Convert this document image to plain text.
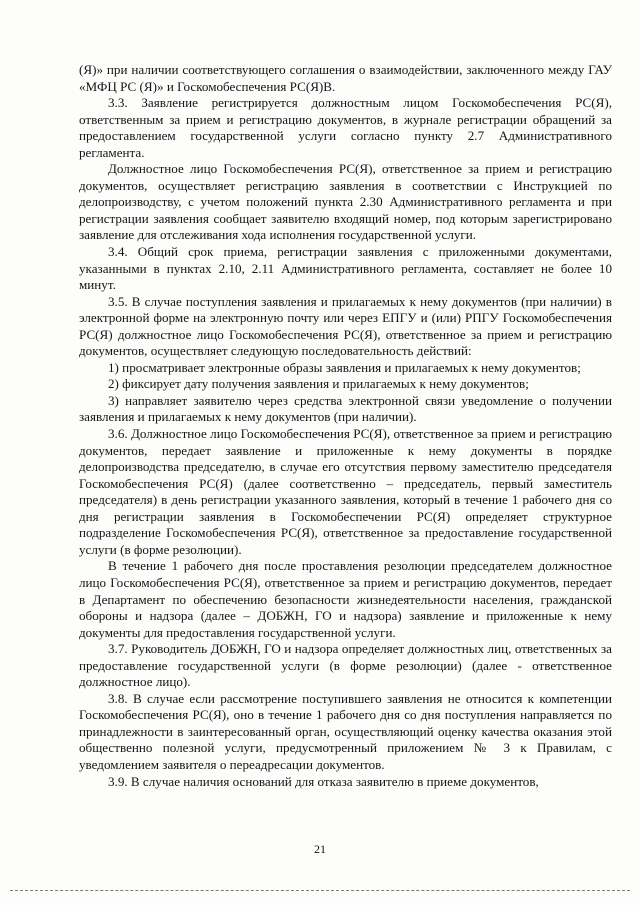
(Я)» при наличии соответствующего соглашения о взаимодействии, заключенного между ГАУ «МФЦ РС (Я)» и Госкомобеспечения РС(Я)В.

3.3. Заявление регистрируется должностным лицом Госкомобеспечения РС(Я), ответственным за прием и регистрацию документов, в журнале регистрации обращений за предоставлением государственной услуги согласно пункту 2.7 Административного регламента.

Должностное лицо Госкомобеспечения РС(Я), ответственное за прием и регистрацию документов, осуществляет регистрацию заявления в соответствии с Инструкцией по делопроизводству, с учетом положений пункта 2.30 Административного регламента и при регистрации заявления сообщает заявителю входящий номер, под которым зарегистрировано заявление для отслеживания хода исполнения государственной услуги.

3.4. Общий срок приема, регистрации заявления с приложенными документами, указанными в пунктах 2.10, 2.11 Административного регламента, составляет не более 10 минут.

3.5. В случае поступления заявления и прилагаемых к нему документов (при наличии) в электронной форме на электронную почту или через ЕПГУ и (или) РПГУ Госкомобеспечения РС(Я) должностное лицо Госкомобеспечения РС(Я), ответственное за прием и регистрацию документов, осуществляет следующую последовательность действий:

1) просматривает электронные образы заявления и прилагаемых к нему документов;

2) фиксирует дату получения заявления и прилагаемых к нему документов;

3) направляет заявителю через средства электронной связи уведомление о получении заявления и прилагаемых к нему документов (при наличии).

3.6. Должностное лицо Госкомобеспечения РС(Я), ответственное за прием и регистрацию документов, передает заявление и приложенные к нему документы в порядке делопроизводства председателю, в случае его отсутствия первому заместителю председателя Госкомобеспечения РС(Я) (далее соответственно – председатель, первый заместитель председателя) в день регистрации указанного заявления, который в течение 1 рабочего дня со дня регистрации заявления в Госкомобеспечении РС(Я) определяет структурное подразделение Госкомобеспечения РС(Я), ответственное за предоставление государственной услуги (в форме резолюции).

В течение 1 рабочего дня после проставления резолюции председателем должностное лицо Госкомобеспечения РС(Я), ответственное за прием и регистрацию документов, передает в Департамент по обеспечению безопасности жизнедеятельности населения, гражданской обороны и надзора (далее – ДОБЖН, ГО и надзора) заявление и приложенные к нему документы для предоставления государственной услуги.

3.7. Руководитель ДОБЖН, ГО и надзора определяет должностных лиц, ответственных за предоставление государственной услуги (в форме резолюции) (далее - ответственное должностное лицо).

3.8. В случае если рассмотрение поступившего заявления не относится к компетенции Госкомобеспечения РС(Я), оно в течение 1 рабочего дня со дня поступления направляется по принадлежности в заинтересованный орган, осуществляющий оценку качества оказания этой общественно полезной услуги, предусмотренный приложением № 3 к Правилам, с уведомлением заявителя о переадресации документов.

3.9. В случае наличия оснований для отказа заявителю в приеме документов,

21
